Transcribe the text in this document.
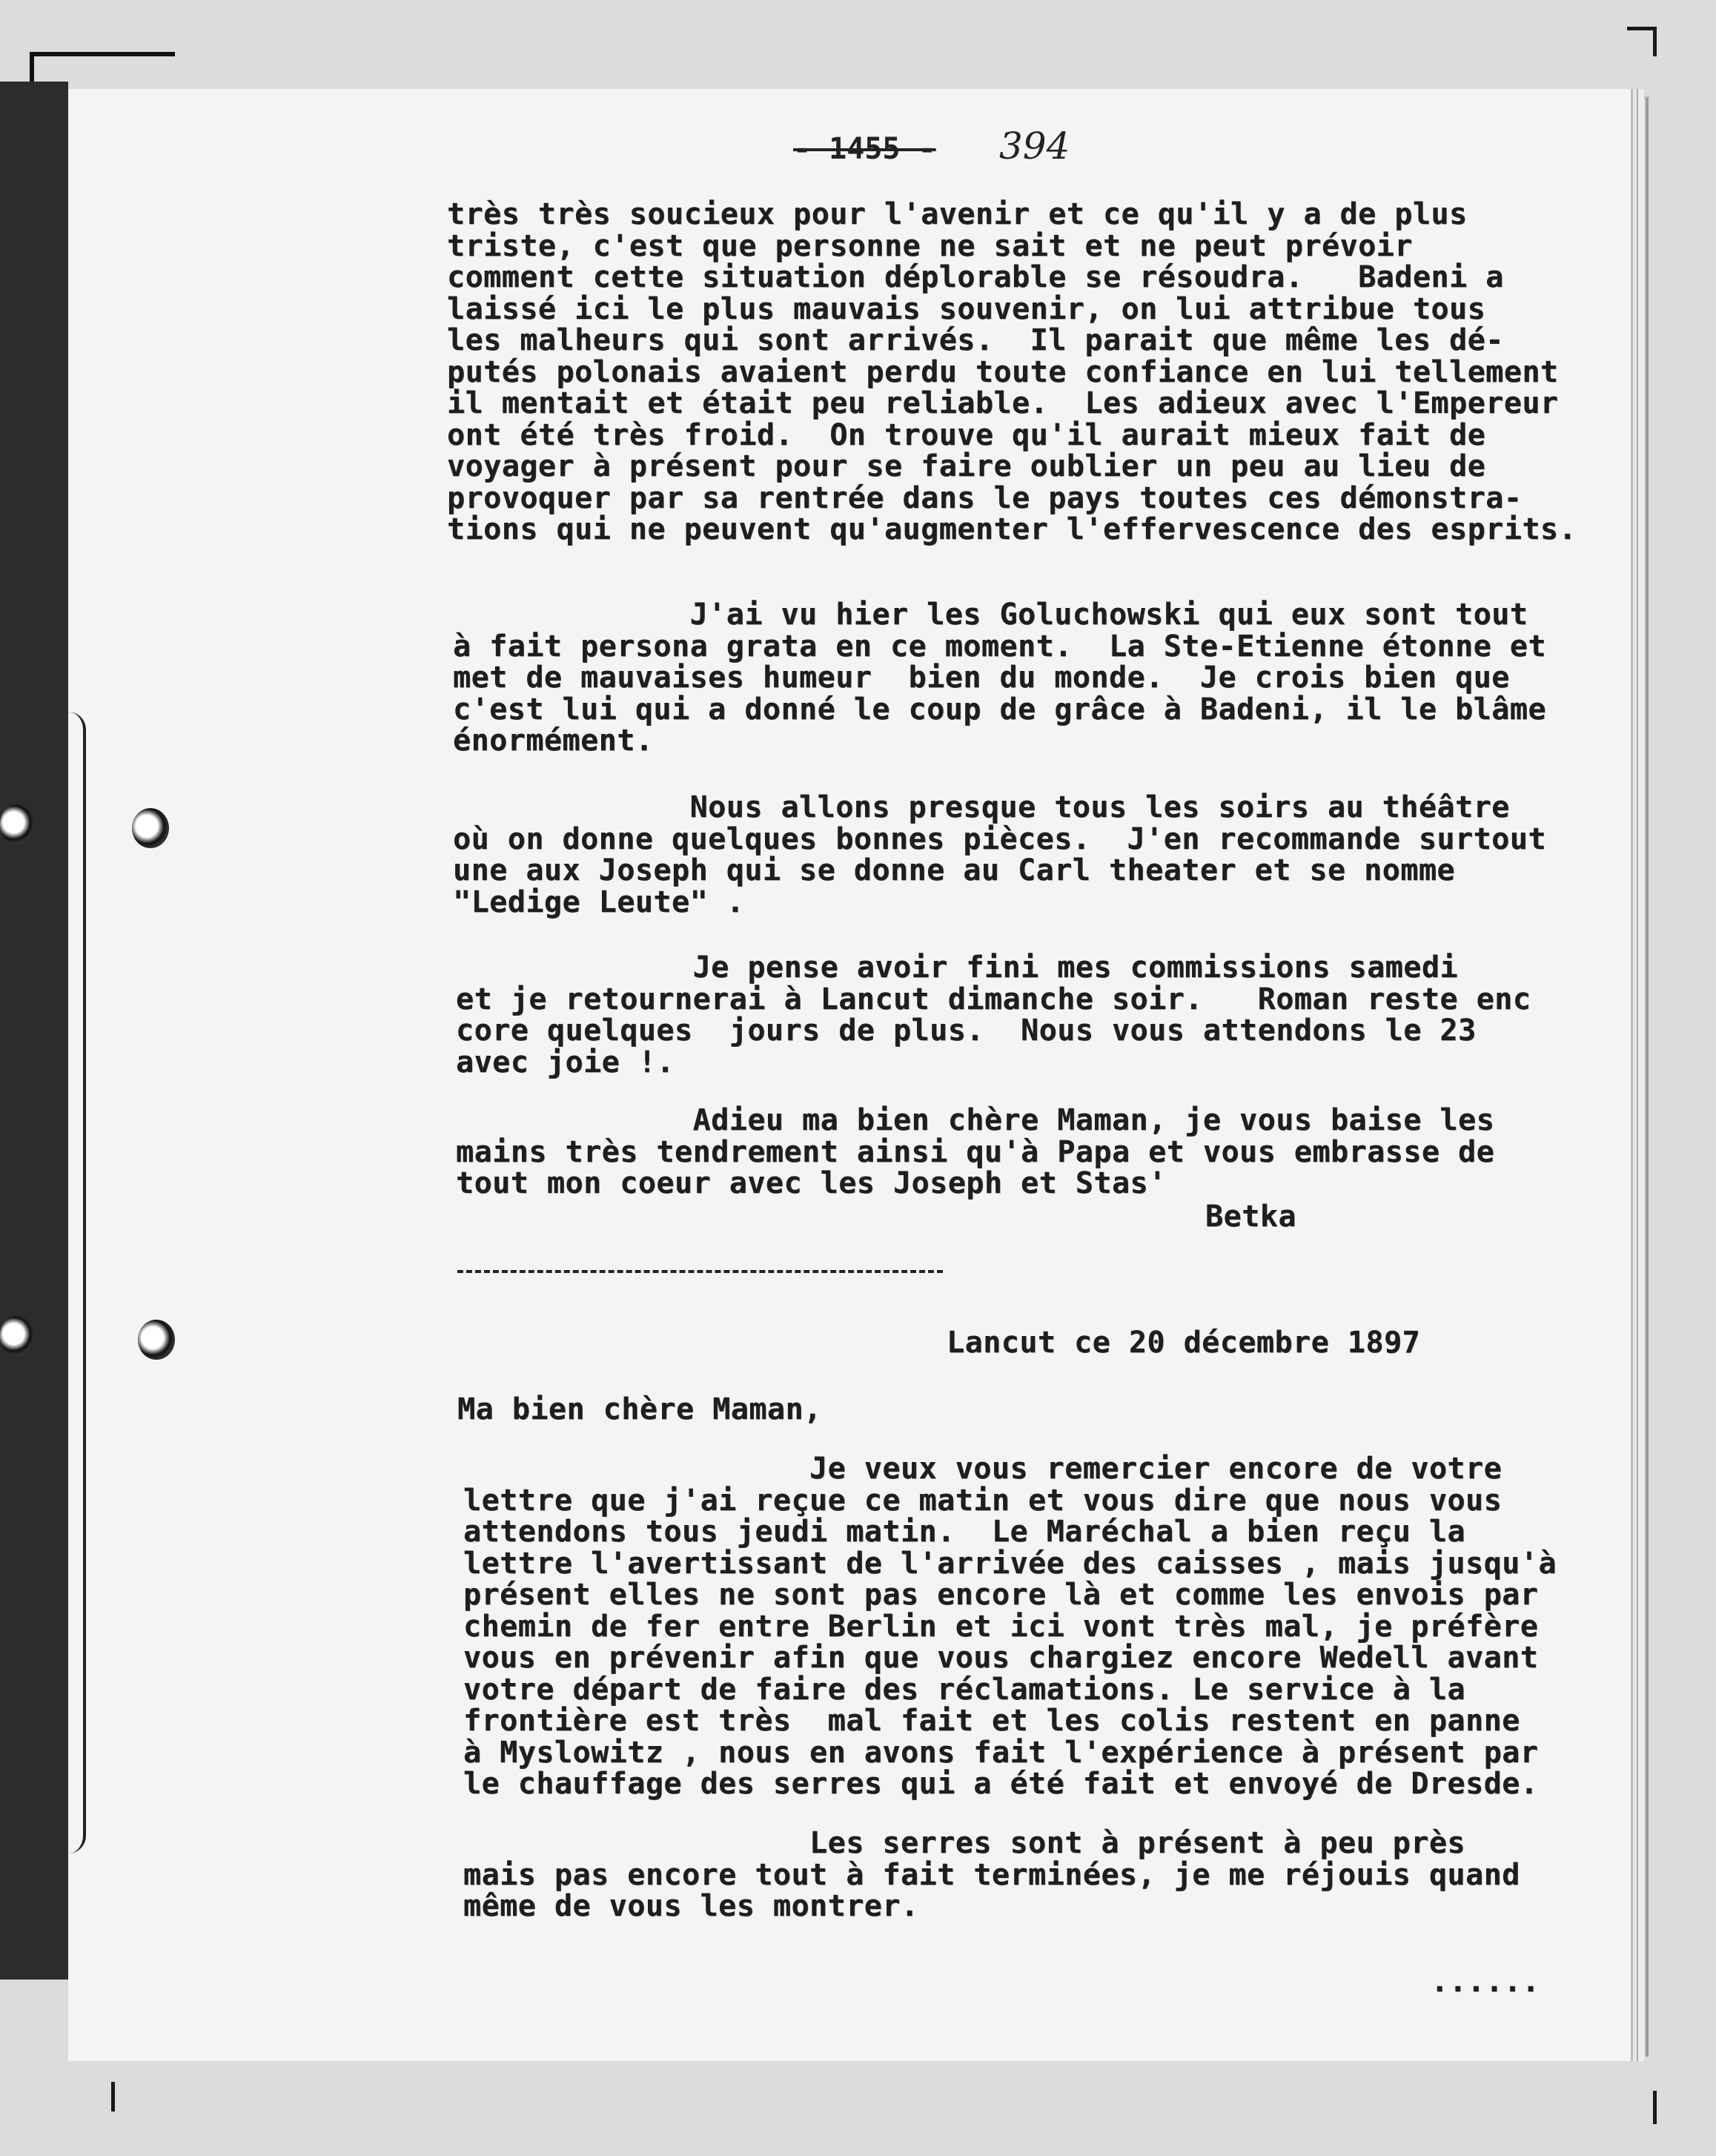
- 1455 - 394
très très soucieux pour l'avenir et ce qu'il y a de plus
triste, c'est que personne ne sait et ne peut prévoir
comment cette situation déplorable se résoudra.   Badeni a
laissé ici le plus mauvais souvenir, on lui attribue tous
les malheurs qui sont arrivés.  Il parait que même les dé-
putés polonais avaient perdu toute confiance en lui tellement
il mentait et était peu reliable.  Les adieux avec l'Empereur
ont été très froid.  On trouve qu'il aurait mieux fait de
voyager à présent pour se faire oublier un peu au lieu de
provoquer par sa rentrée dans le pays toutes ces démonstra-
tions qui ne peuvent qu'augmenter l'effervescence des esprits.
J'ai vu hier les Goluchowski qui eux sont tout
à fait persona grata en ce moment.  La Ste-Etienne étonne et
met de mauvaises humeur  bien du monde.  Je crois bien que
c'est lui qui a donné le coup de grâce à Badeni, il le blâme
énormément.
Nous allons presque tous les soirs au théâtre
où on donne quelques bonnes pièces.  J'en recommande surtout
une aux Joseph qui se donne au Carl theater et se nomme
"Ledige Leute" .
Je pense avoir fini mes commissions samedi
et je retournerai à Lancut dimanche soir.   Roman reste enc
core quelques  jours de plus.  Nous vous attendons le 23
avec joie !.
Adieu ma bien chère Maman, je vous baise les
mains très tendrement ainsi qu'à Papa et vous embrasse de
tout mon coeur avec les Joseph et Stas'
Betka
Lancut ce 20 décembre 1897
Ma bien chère Maman,
Je veux vous remercier encore de votre
lettre que j'ai reçue ce matin et vous dire que nous vous
attendons tous jeudi matin.  Le Maréchal a bien reçu la
lettre l'avertissant de l'arrivée des caisses , mais jusqu'à
présent elles ne sont pas encore là et comme les envois par
chemin de fer entre Berlin et ici vont très mal, je préfère
vous en prévenir afin que vous chargiez encore Wedell avant
votre départ de faire des réclamations. Le service à la
frontière est très  mal fait et les colis restent en panne
à Myslowitz , nous en avons fait l'expérience à présent par
le chauffage des serres qui a été fait et envoyé de Dresde.
Les serres sont à présent à peu près
mais pas encore tout à fait terminées, je me réjouis quand
même de vous les montrer.
......
